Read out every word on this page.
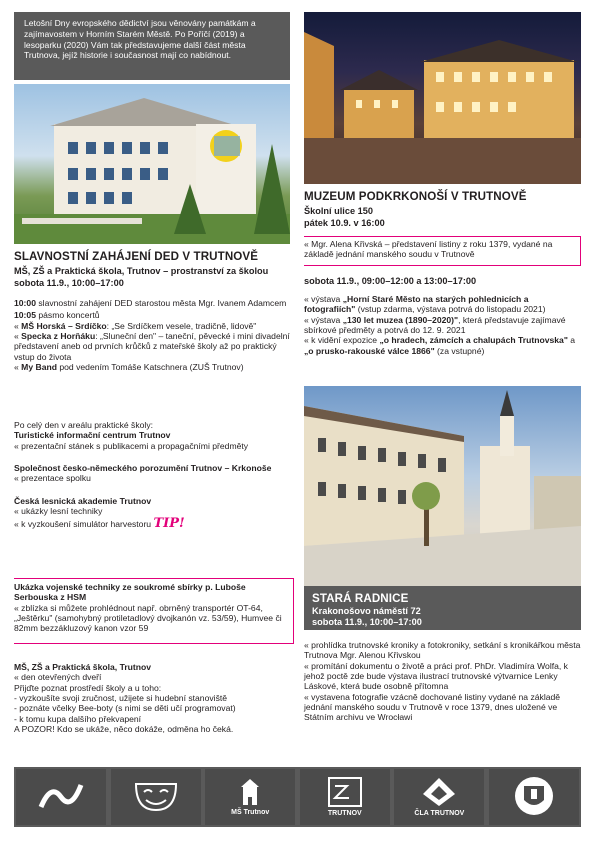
Letošní Dny evropského dědictví jsou věnovány památkám a zajímavostem v Horním Starém Městě. Po Poříčí (2019) a lesoparku (2020) Vám tak představujeme další část města Trutnova, jejíž historie i současnost mají co nabídnout.

SLAVNOSTNÍ ZAHÁJENÍ DED V TRUTNOVĚ
MŠ, ZŠ a Praktická škola, Trutnov – prostranství za školou
sobota 11.9., 10:00–17:00

10:00 slavnostní zahájení DED starostou města Mgr. Ivanem Adamcem

10:05 pásmo koncertů

« MŠ Horská – Srdíčko: „Se Srdíčkem vesele, tradičně, lidově"

« Specka z Horňáku: „Sluneční den" – taneční, pěvecké i mini divadelní představení aneb od prvních krůčků z mateřské školy až po praktický vstup do života

« My Band pod vedením Tomáše Katschnera (ZUŠ Trutnov)

Po celý den v areálu praktické školy:

Turistické informační centrum Trutnov

« prezentační stánek s publikacemi a propagačními předměty

Společnost česko-německého porozumění Trutnov – Krkonoše

« prezentace spolku

Česká lesnická akademie Trutnov

« ukázky lesní techniky

« k vyzkoušení simulátor harvestoru TIP!

Ukázka vojenské techniky ze soukromé sbírky p. Luboše Serbouska z HSM

« zblízka si můžete prohlédnout např. obrněný transportér OT-64, „Ještěrku" (samohybný protiletadlový dvojkanón vz. 53/59), Humvee či 82mm bezzákluzový kanon vzor 59

MŠ, ZŠ a Praktická škola, Trutnov

« den otevřených dveří

Přijďte poznat prostředí školy a u toho:

- vyzkoušíte svoji zručnost, užijete si hudební stanoviště

- poznáte včelky Bee-boty (s nimi se děti učí programovat)

- k tomu kupa dalšího překvapení

A POZOR! Kdo se ukáže, něco dokáže, odměna ho čeká.

MUZEUM PODKRKONOŠÍ V TRUTNOVĚ
Školní ulice 150
pátek 10.9. v 16:00

« Mgr. Alena Křivská – představení listiny z roku 1379, vydané na základě jednání manského soudu v Trutnově

sobota 11.9., 09:00–12:00 a 13:00–17:00

« výstava „Horní Staré Město na starých pohlednicích a fotografiích" (vstup zdarma, výstava potrvá do listopadu 2021)

« výstava „130 let muzea (1890–2020)", která představuje zajímavé sbírkové předměty a potrvá do 12. 9. 2021

« k vidění expozice „o hradech, zámcích a chalupách Trutnovska" a „o prusko-rakouské válce 1866" (za vstupné)

STARÁ RADNICE

Krakonošovo náměstí 72

sobota 11.9., 10:00–17:00

« prohlídka trutnovské kroniky a fotokroniky, setkání s kronikářkou města Trutnova Mgr. Alenou Křivskou

« promítání dokumentu o životě a práci prof. PhDr. Vladimíra Wolfa, k jehož poctě zde bude výstava ilustrací trutnovské výtvarnice Lenky Láskové, která bude osobně přítomna

« vystavena fotografie vzácně dochované listiny vydané na základě jednání manského soudu v Trutnově v roce 1379, dnes uložené ve Státním archivu ve Wrocławi

MŠ Trutnov	TRUTNOV	ČLA TRUTNOV
